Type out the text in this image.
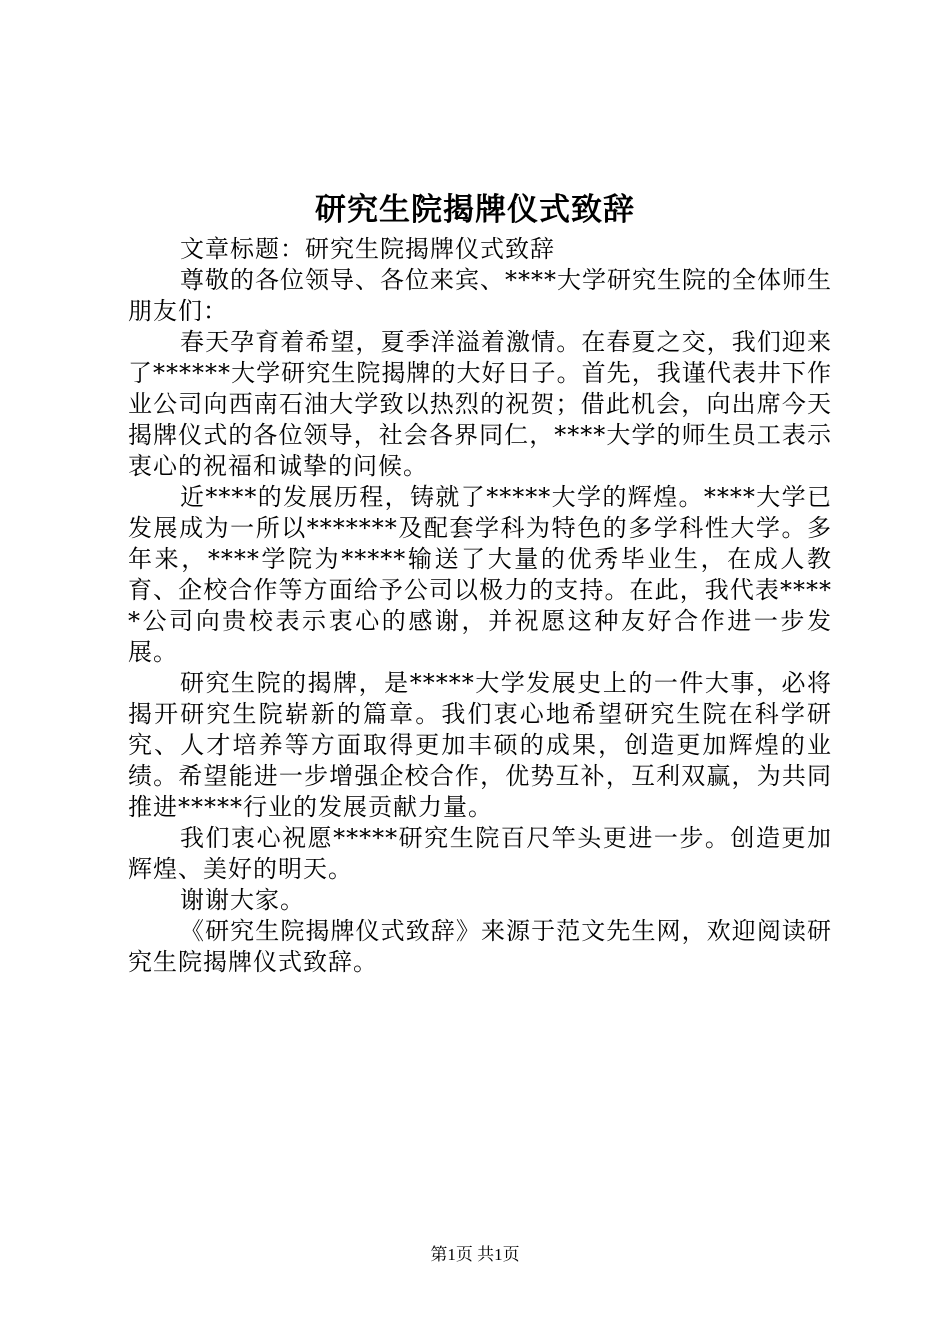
研究生院揭牌仪式致辞

文章标题：研究生院揭牌仪式致辞

尊敬的各位领导、各位来宾、****大学研究生院的全体师生朋友们：

春天孕育着希望，夏季洋溢着激情。在春夏之交，我们迎来了******大学研究生院揭牌的大好日子。首先，我谨代表井下作业公司向西南石油大学致以热烈的祝贺；借此机会，向出席今天揭牌仪式的各位领导，社会各界同仁，****大学的师生员工表示衷心的祝福和诚挚的问候。

近****的发展历程，铸就了*****大学的辉煌。****大学已发展成为一所以*******及配套学科为特色的多学科性大学。多年来，****学院为*****输送了大量的优秀毕业生，在成人教育、企校合作等方面给予公司以极力的支持。在此，我代表*****公司向贵校表示衷心的感谢，并祝愿这种友好合作进一步发展。

研究生院的揭牌，是*****大学发展史上的一件大事，必将揭开研究生院崭新的篇章。我们衷心地希望研究生院在科学研究、人才培养等方面取得更加丰硕的成果，创造更加辉煌的业绩。希望能进一步增强企校合作，优势互补，互利双赢，为共同推进*****行业的发展贡献力量。

我们衷心祝愿*****研究生院百尺竿头更进一步。创造更加辉煌、美好的明天。

谢谢大家。

《研究生院揭牌仪式致辞》来源于范文先生网，欢迎阅读研究生院揭牌仪式致辞。

第1页 共1页
